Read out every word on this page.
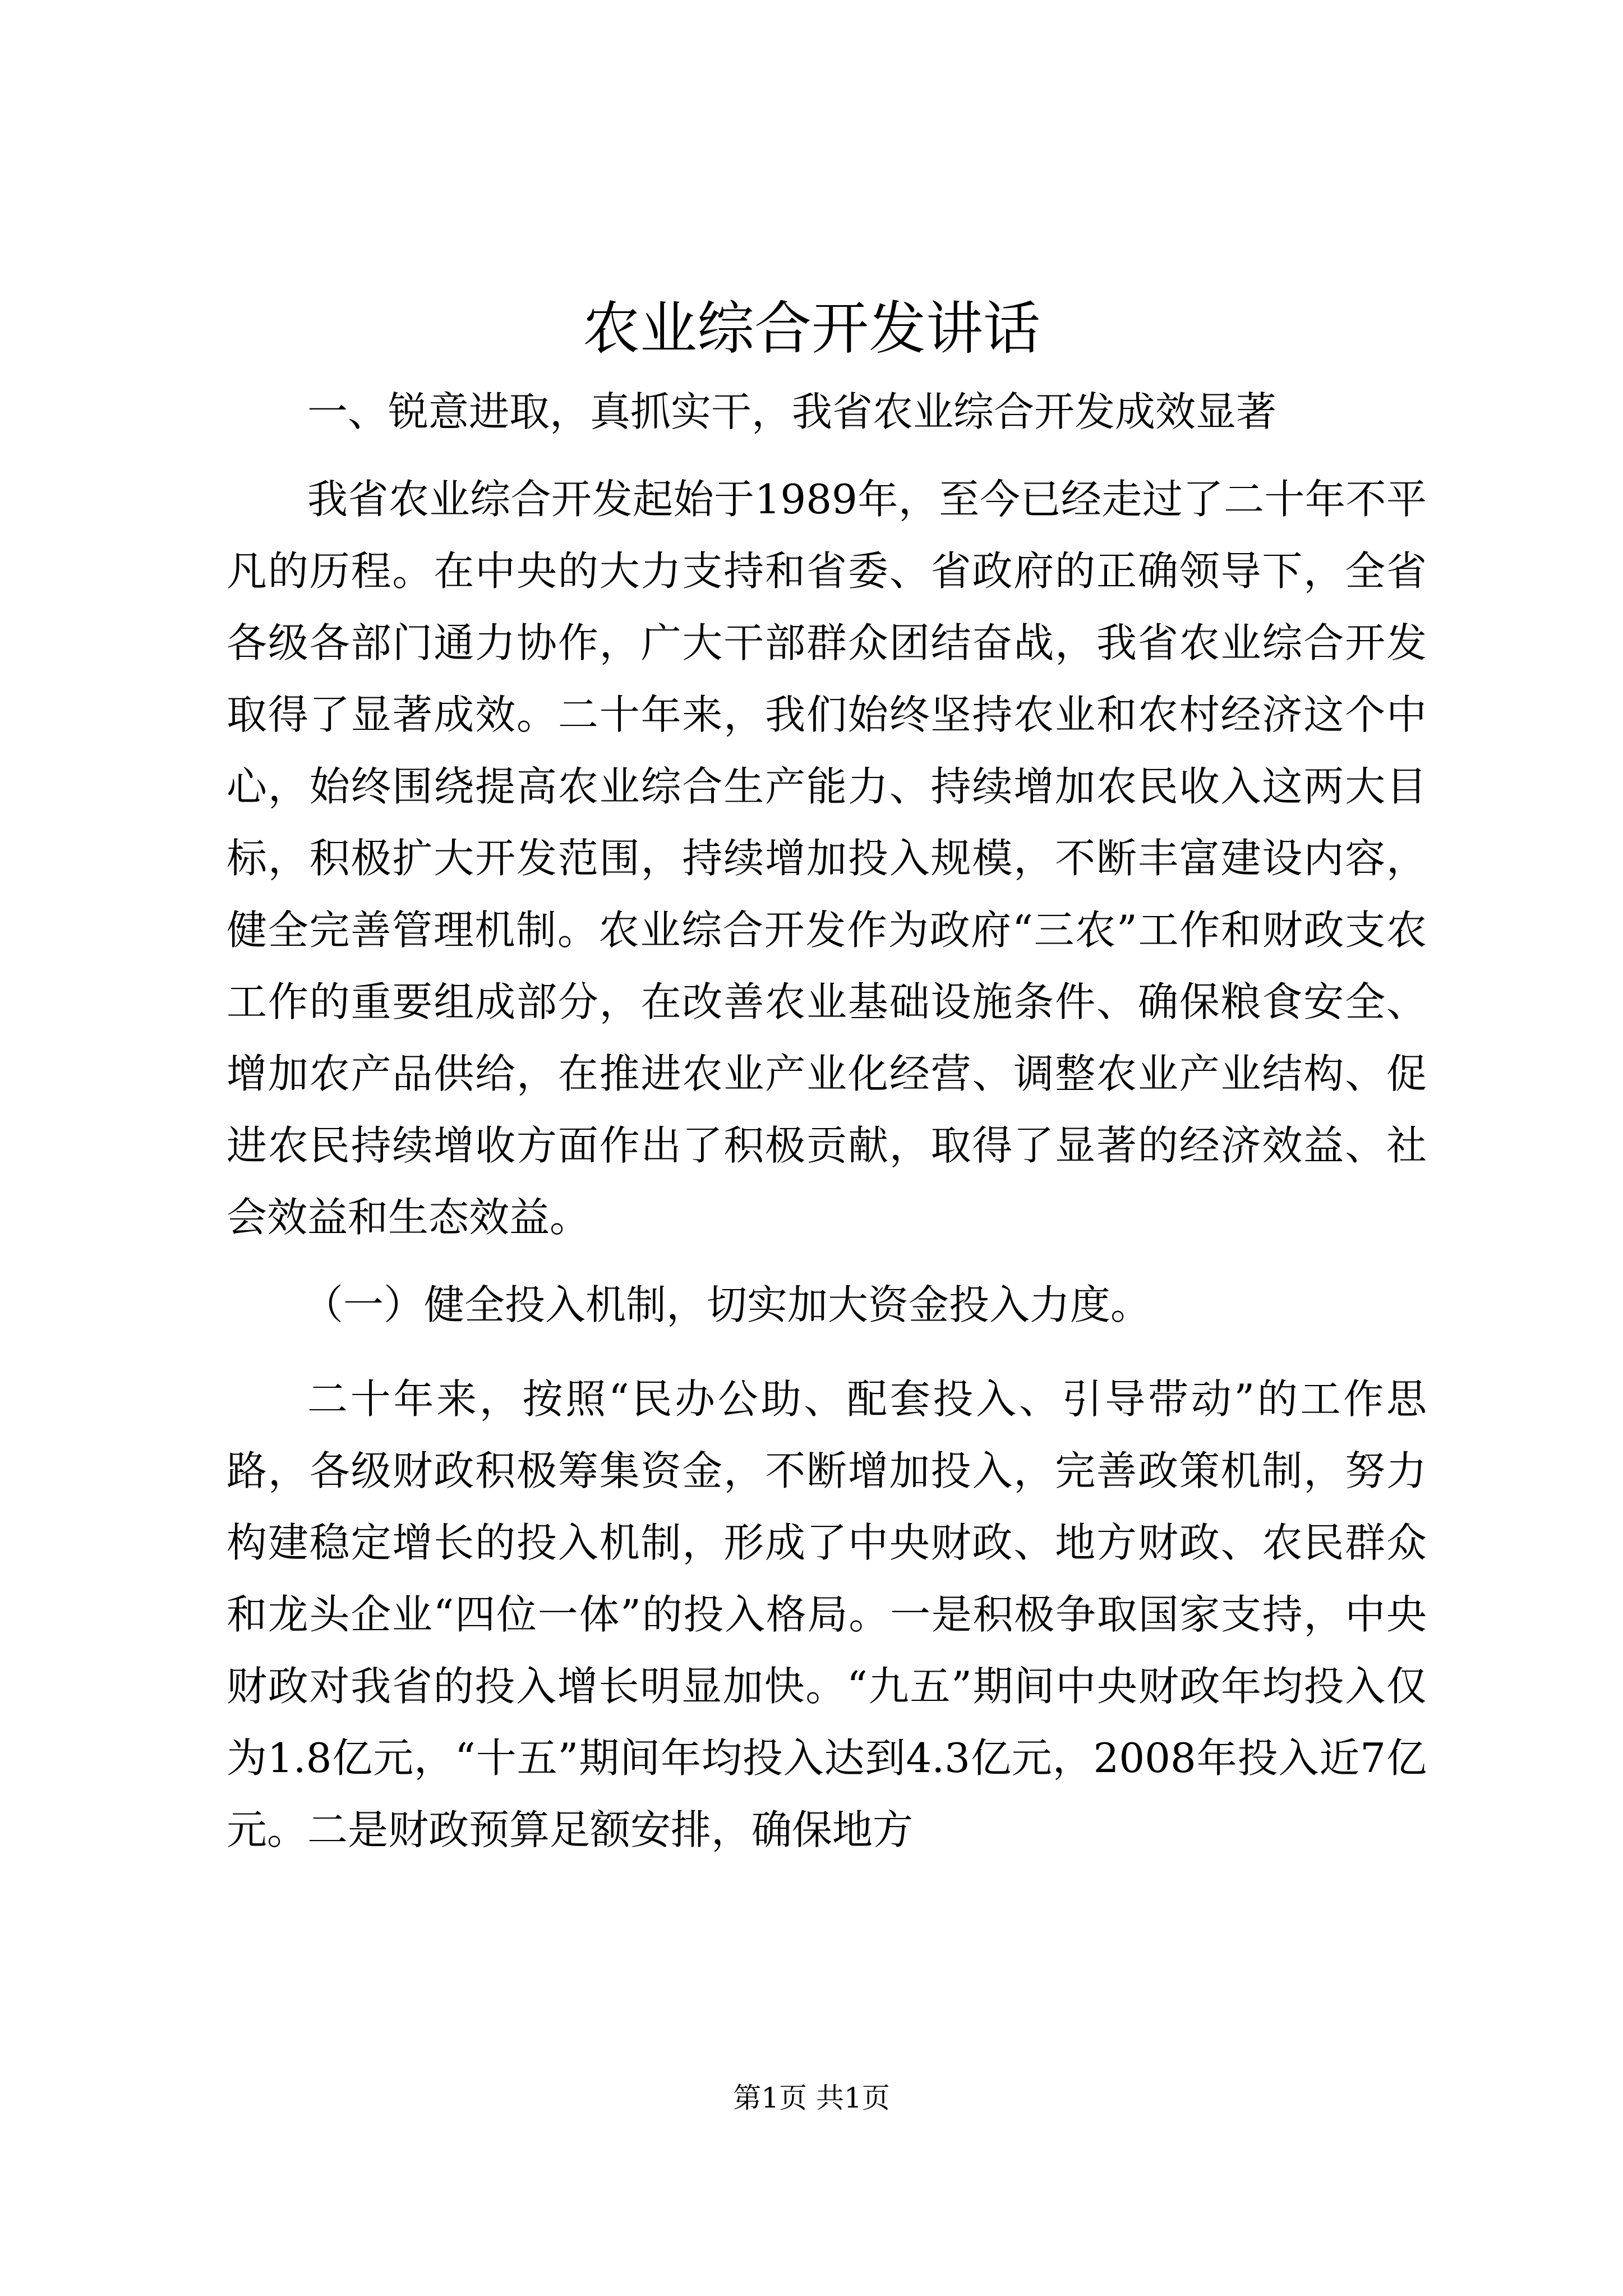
农业综合开发讲话

一、锐意进取，真抓实干，我省农业综合开发成效显著

我省农业综合开发起始于1989年，至今已经走过了二十年不平凡的历程。在中央的大力支持和省委、省政府的正确领导下，全省各级各部门通力协作，广大干部群众团结奋战，我省农业综合开发取得了显著成效。二十年来，我们始终坚持农业和农村经济这个中心，始终围绕提高农业综合生产能力、持续增加农民收入这两大目标，积极扩大开发范围，持续增加投入规模，不断丰富建设内容，健全完善管理机制。农业综合开发作为政府“三农”工作和财政支农工作的重要组成部分，在改善农业基础设施条件、确保粮食安全、增加农产品供给，在推进农业产业化经营、调整农业产业结构、促进农民持续增收方面作出了积极贡献，取得了显著的经济效益、社会效益和生态效益。

（一）健全投入机制，切实加大资金投入力度。

二十年来，按照“民办公助、配套投入、引导带动”的工作思路，各级财政积极筹集资金，不断增加投入，完善政策机制，努力构建稳定增长的投入机制，形成了中央财政、地方财政、农民群众和龙头企业“四位一体”的投入格局。一是积极争取国家支持，中央财政对我省的投入增长明显加快。“九五”期间中央财政年均投入仅为1.8亿元，“十五”期间年均投入达到4.3亿元，2008年投入近7亿元。二是财政预算足额安排，确保地方

第1页 共1页
